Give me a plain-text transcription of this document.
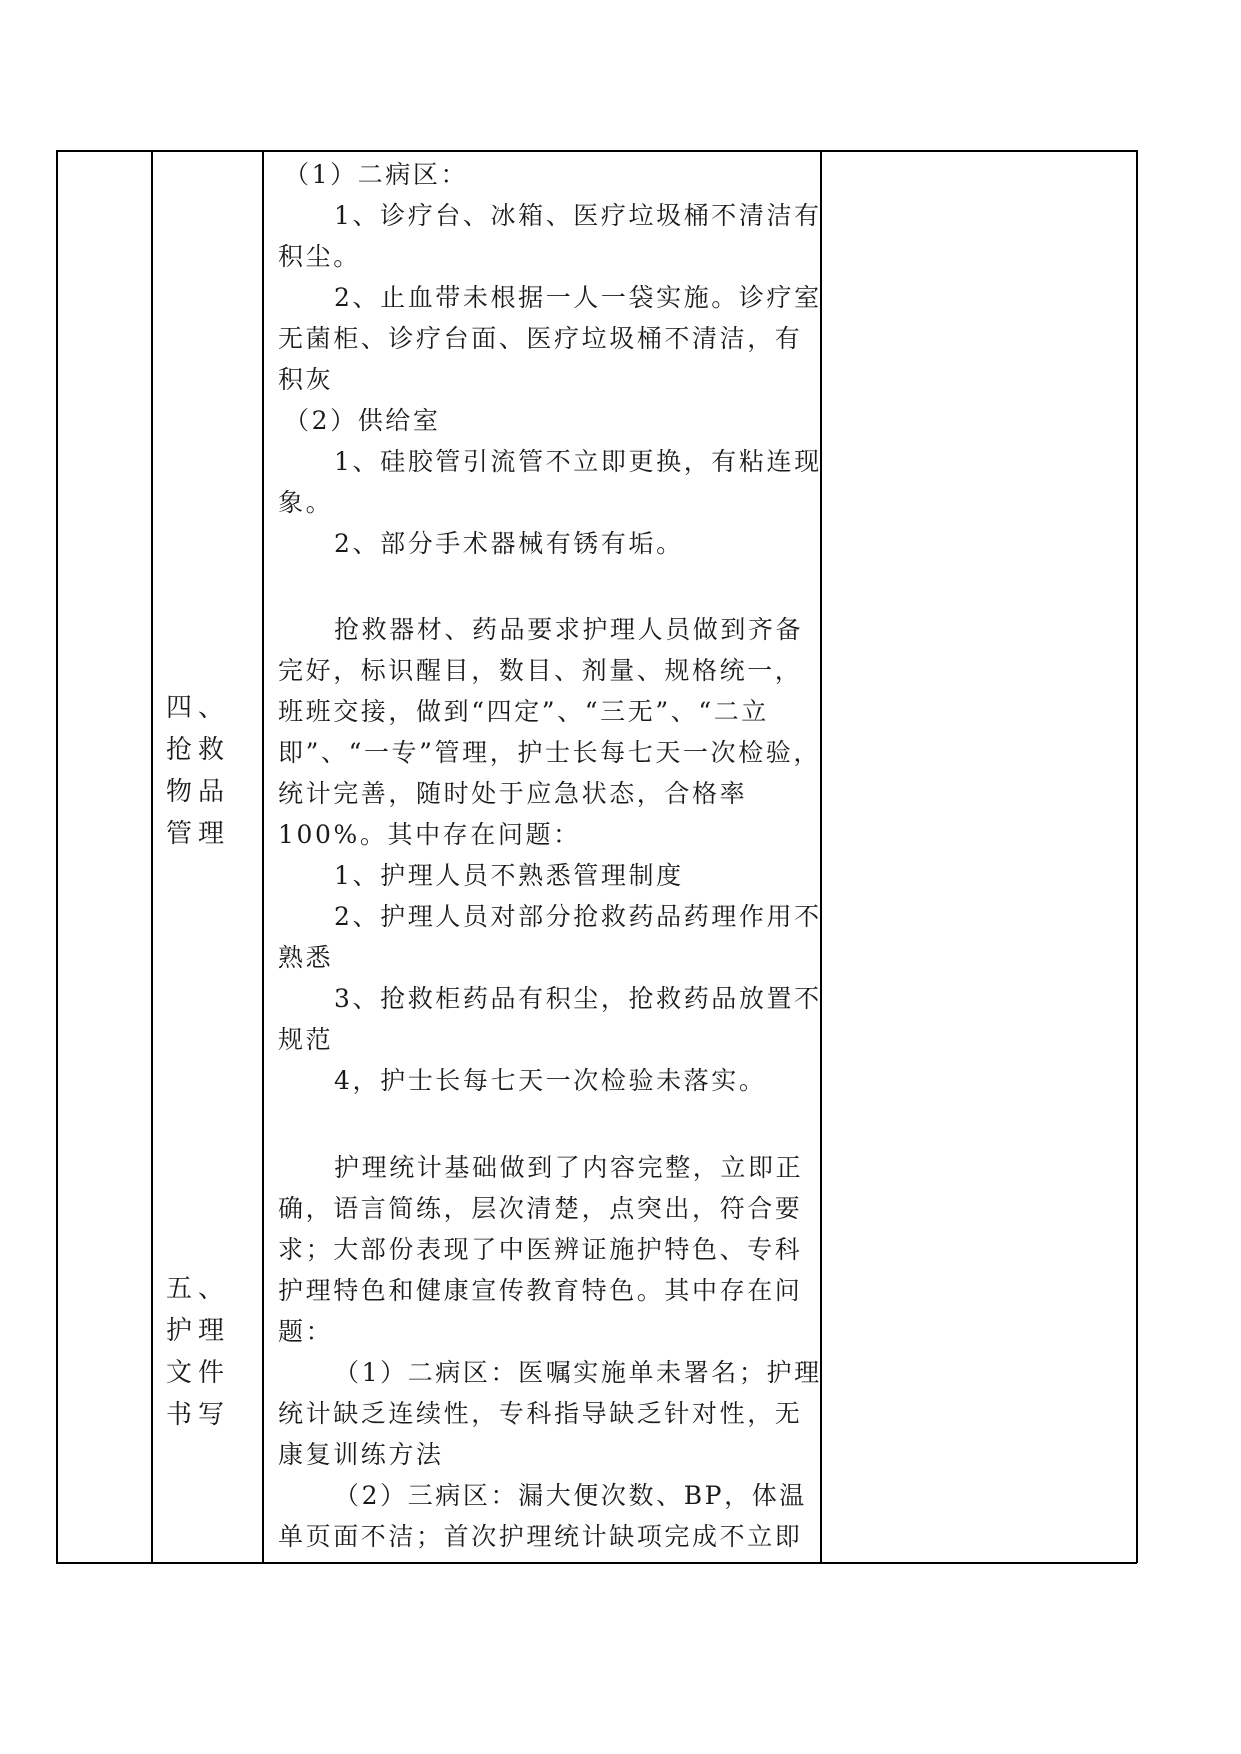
四、抢救物品管理
五、护理文件书写

（1）二病区：

1、诊疗台、冰箱、医疗垃圾桶不清洁有积尘。

2、止血带未根据一人一袋实施。诊疗室无菌柜、诊疗台面、医疗垃圾桶不清洁，有积灰

（2）供给室

1、硅胶管引流管不立即更换，有粘连现象。

2、部分手术器械有锈有垢。

抢救器材、药品要求护理人员做到齐备完好，标识醒目，数目、剂量、规格统一，班班交接，做到“四定”、“三无”、“二立即”、“一专”管理，护士长每七天一次检验，统计完善，随时处于应急状态，合格率100%。其中存在问题：

1、护理人员不熟悉管理制度

2、护理人员对部分抢救药品药理作用不熟悉

3、抢救柜药品有积尘，抢救药品放置不规范

4，护士长每七天一次检验未落实。

护理统计基础做到了内容完整，立即正确，语言简练，层次清楚，点突出，符合要求；大部份表现了中医辨证施护特色、专科护理特色和健康宣传教育特色。其中存在问题：

（1）二病区：医嘱实施单未署名；护理统计缺乏连续性，专科指导缺乏针对性，无康复训练方法

（2）三病区：漏大便次数、BP，体温单页面不洁；首次护理统计缺项完成不立即
